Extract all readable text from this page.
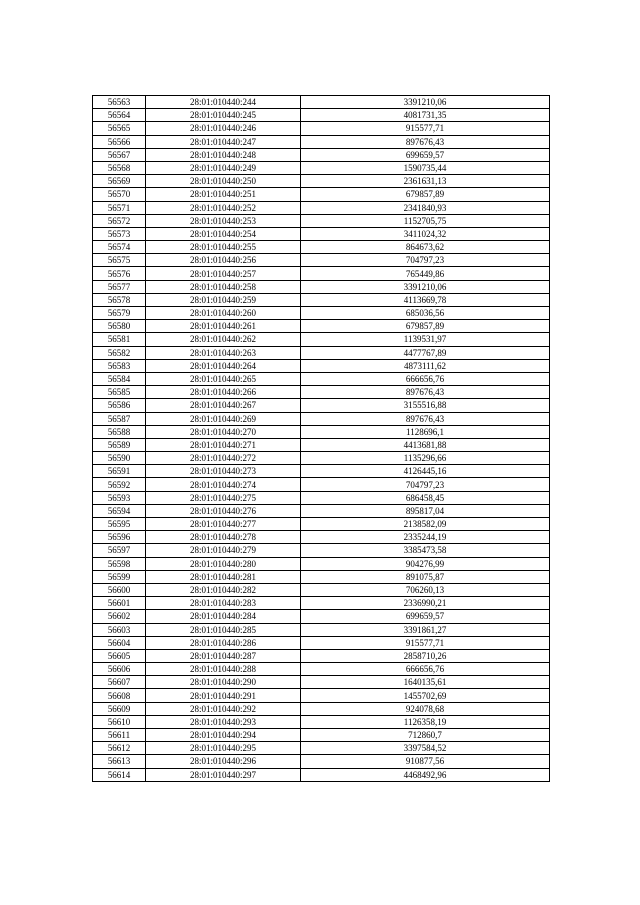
56563	28:01:010440:244	3391210,06
56564	28:01:010440:245	4081731,35
56565	28:01:010440:246	915577,71
56566	28:01:010440:247	897676,43
56567	28:01:010440:248	699659,57
56568	28:01:010440:249	1590735,44
56569	28:01:010440:250	2361631,13
56570	28:01:010440:251	679857,89
56571	28:01:010440:252	2341840,93
56572	28:01:010440:253	1152705,75
56573	28:01:010440:254	3411024,32
56574	28:01:010440:255	864673,62
56575	28:01:010440:256	704797,23
56576	28:01:010440:257	765449,86
56577	28:01:010440:258	3391210,06
56578	28:01:010440:259	4113669,78
56579	28:01:010440:260	685036,56
56580	28:01:010440:261	679857,89
56581	28:01:010440:262	1139531,97
56582	28:01:010440:263	4477767,89
56583	28:01:010440:264	4873111,62
56584	28:01:010440:265	666656,76
56585	28:01:010440:266	897676,43
56586	28:01:010440:267	3155516,88
56587	28:01:010440:269	897676,43
56588	28:01:010440:270	1128696,1
56589	28:01:010440:271	4413681,88
56590	28:01:010440:272	1135296,66
56591	28:01:010440:273	4126445,16
56592	28:01:010440:274	704797,23
56593	28:01:010440:275	686458,45
56594	28:01:010440:276	895817,04
56595	28:01:010440:277	2138582,09
56596	28:01:010440:278	2335244,19
56597	28:01:010440:279	3385473,58
56598	28:01:010440:280	904276,99
56599	28:01:010440:281	891075,87
56600	28:01:010440:282	706260,13
56601	28:01:010440:283	2336990,21
56602	28:01:010440:284	699659,57
56603	28:01:010440:285	3391861,27
56604	28:01:010440:286	915577,71
56605	28:01:010440:287	2858710,26
56606	28:01:010440:288	666656,76
56607	28:01:010440:290	1640135,61
56608	28:01:010440:291	1455702,69
56609	28:01:010440:292	924078,68
56610	28:01:010440:293	1126358,19
56611	28:01:010440:294	712860,7
56612	28:01:010440:295	3397584,52
56613	28:01:010440:296	910877,56
56614	28:01:010440:297	4468492,96
